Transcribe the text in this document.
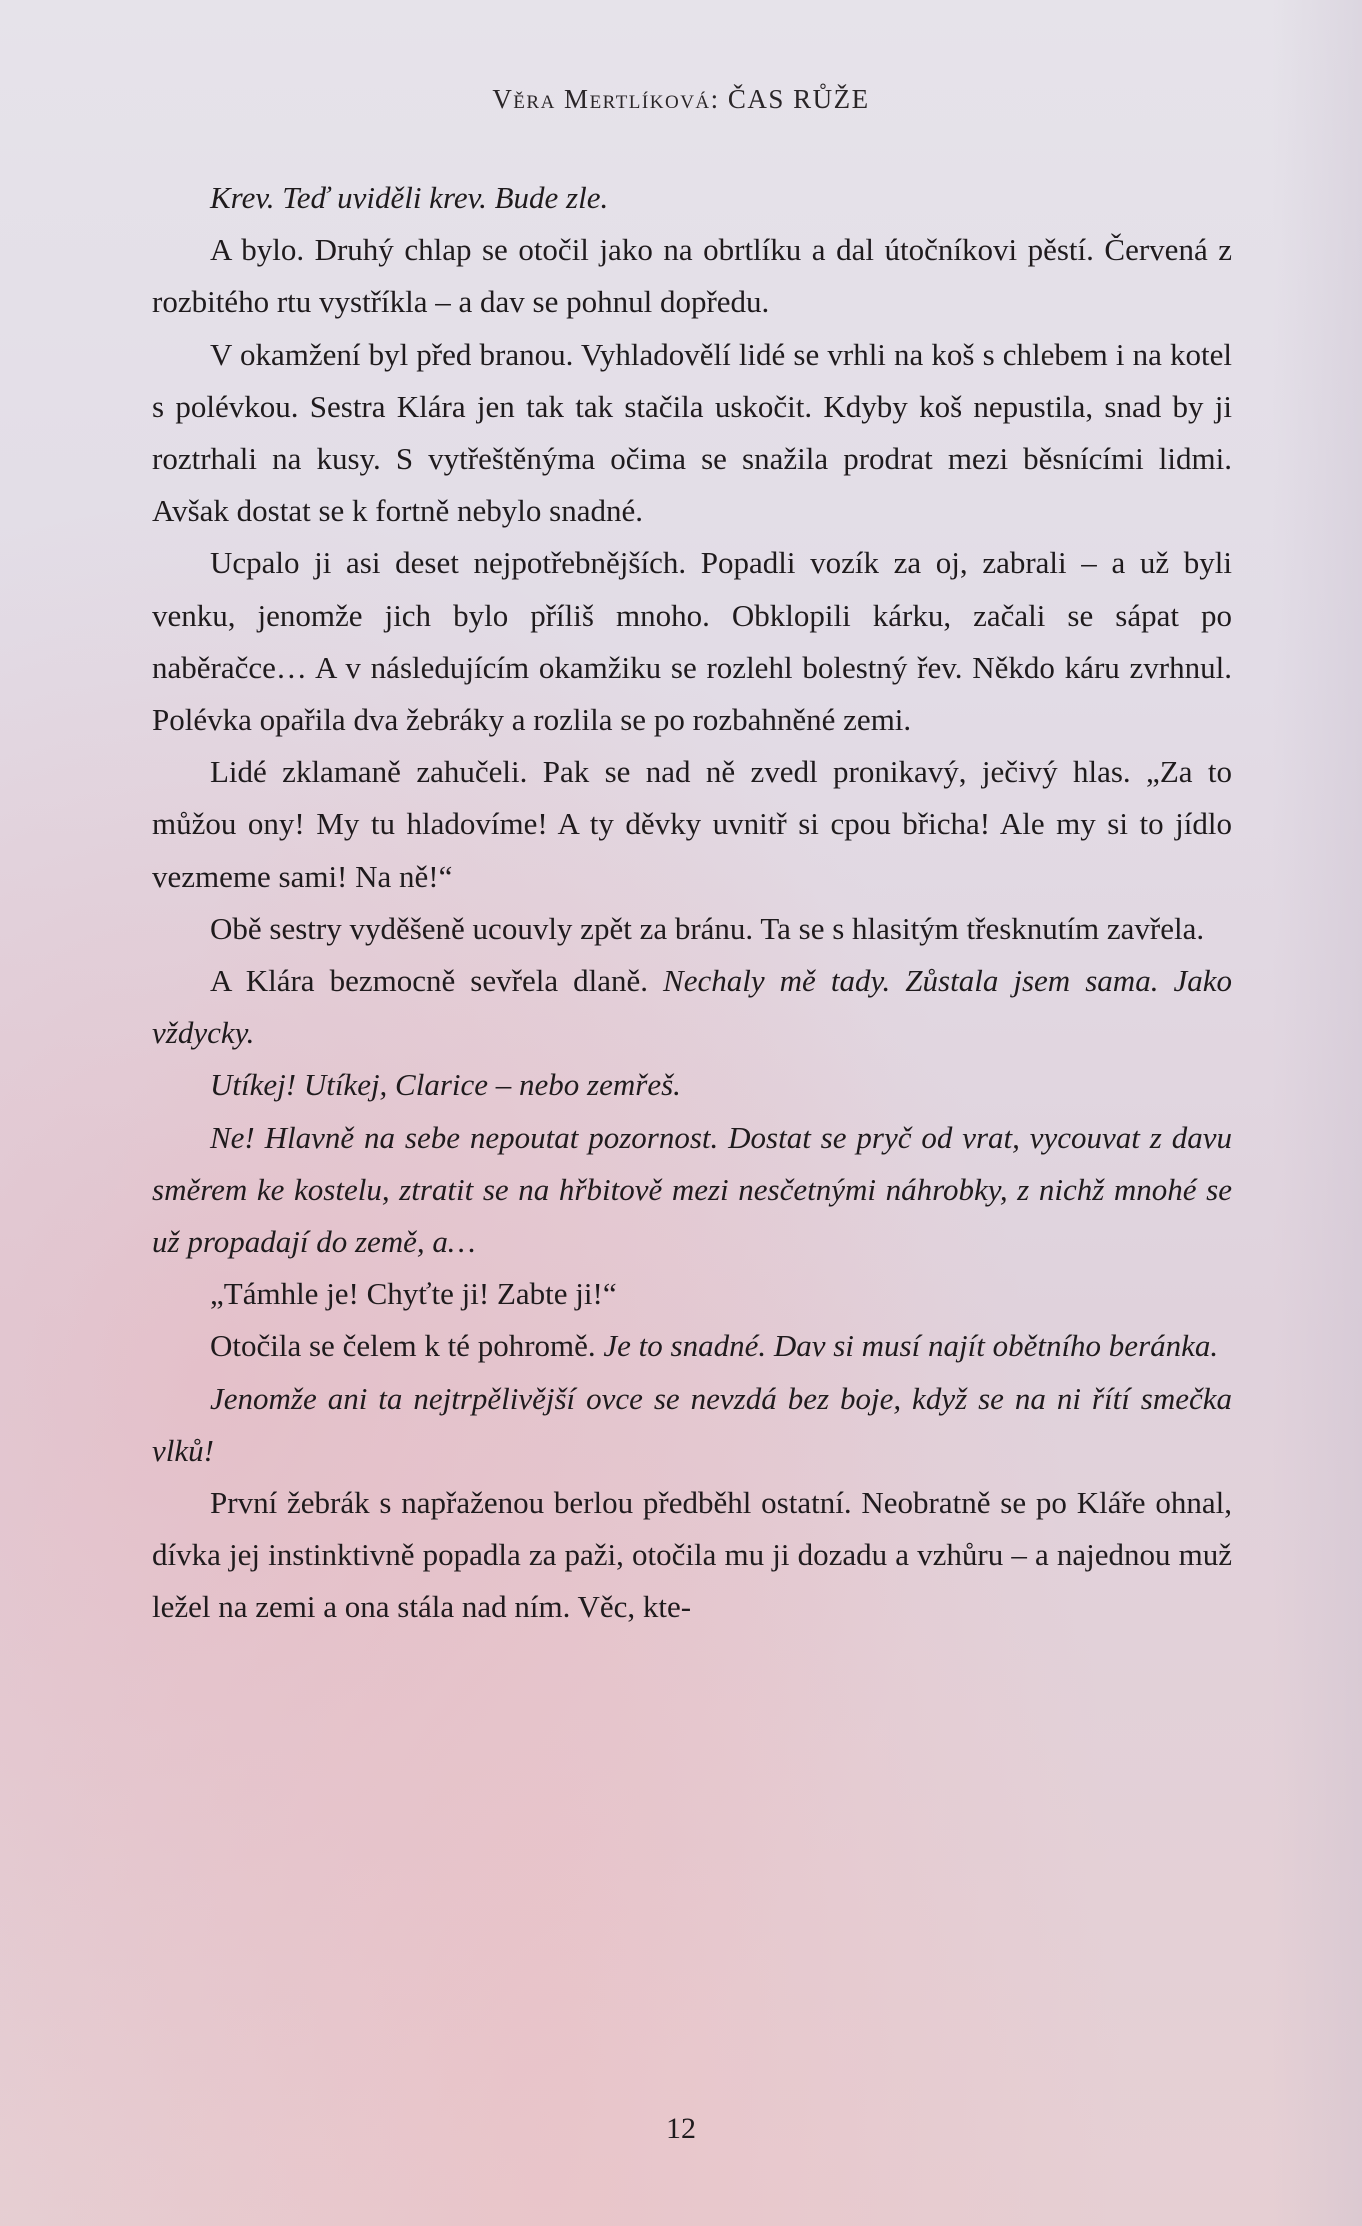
Věra Mertlíková: ČAS RŮŽE

Krev. Teď uviděli krev. Bude zle.

A bylo. Druhý chlap se otočil jako na obrtlíku a dal útočníkovi pěstí. Červená z rozbitého rtu vystříkla – a dav se pohnul dopředu.

V okamžení byl před branou. Vyhladovělí lidé se vrhli na koš s chlebem i na kotel s polévkou. Sestra Klára jen tak tak stačila uskočit. Kdyby koš nepustila, snad by ji roztrhali na kusy. S vytřeštěnýma očima se snažila prodrat mezi běsnícími lidmi. Avšak dostat se k fortně nebylo snadné.

Ucpalo ji asi deset nejpotřebnějších. Popadli vozík za oj, zabrali – a už byli venku, jenomže jich bylo příliš mnoho. Obklopili kárku, začali se sápat po naběračce… A v následujícím okamžiku se rozlehl bolestný řev. Někdo káru zvrhnul. Polévka opařila dva žebráky a rozlila se po rozbahněné zemi.

Lidé zklamaně zahučeli. Pak se nad ně zvedl pronikavý, ječivý hlas. „Za to můžou ony! My tu hladovíme! A ty děvky uvnitř si cpou břicha! Ale my si to jídlo vezmeme sami! Na ně!“

Obě sestry vyděšeně ucouvly zpět za bránu. Ta se s hlasitým třesknutím zavřela.

A Klára bezmocně sevřela dlaně. Nechaly mě tady. Zůstala jsem sama. Jako vždycky.

Utíkej! Utíkej, Clarice – nebo zemřeš.

Ne! Hlavně na sebe nepoutat pozornost. Dostat se pryč od vrat, vycouvat z davu směrem ke kostelu, ztratit se na hřbitově mezi nesčetnými náhrobky, z nichž mnohé se už propadají do země, a…

„Támhle je! Chyťte ji! Zabte ji!“

Otočila se čelem k té pohromě. Je to snadné. Dav si musí najít obětního beránka.

Jenomže ani ta nejtrpělivější ovce se nevzdá bez boje, když se na ni řítí smečka vlků!

První žebrák s napřaženou berlou předběhl ostatní. Neobratně se po Kláře ohnal, dívka jej instinktivně popadla za paži, otočila mu ji dozadu a vzhůru – a najednou muž ležel na zemi a ona stála nad ním. Věc, kte-

12
